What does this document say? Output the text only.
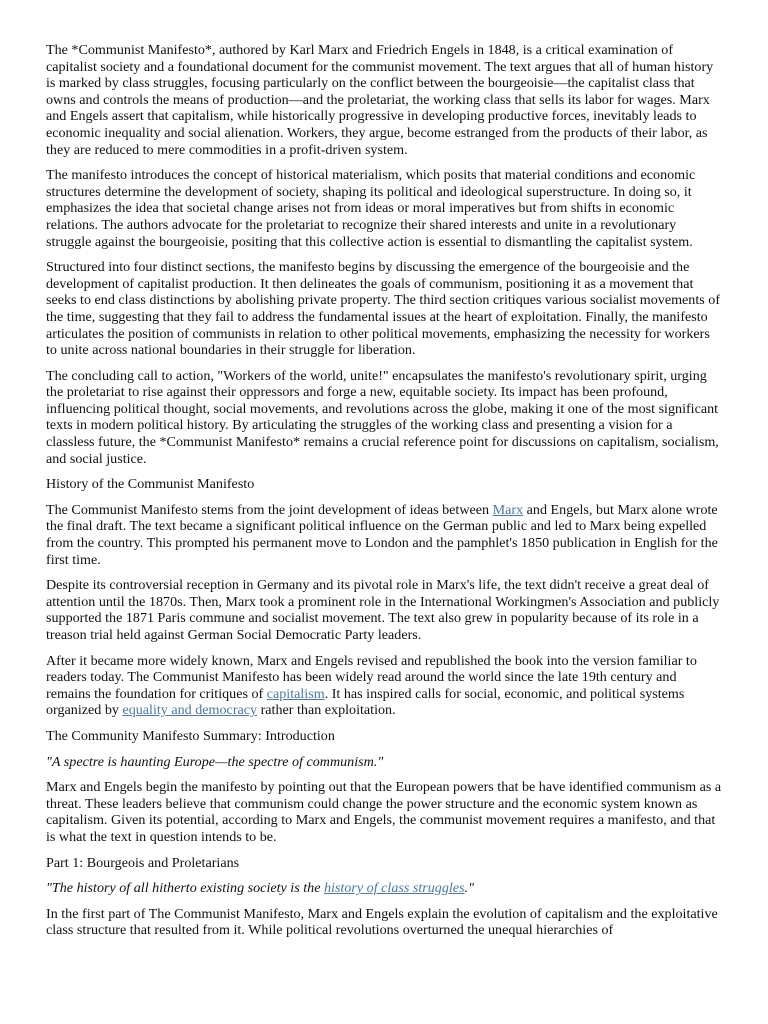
The *Communist Manifesto*, authored by Karl Marx and Friedrich Engels in 1848, is a critical examination of capitalist society and a foundational document for the communist movement. The text argues that all of human history is marked by class struggles, focusing particularly on the conflict between the bourgeoisie—the capitalist class that owns and controls the means of production—and the proletariat, the working class that sells its labor for wages. Marx and Engels assert that capitalism, while historically progressive in developing productive forces, inevitably leads to economic inequality and social alienation. Workers, they argue, become estranged from the products of their labor, as they are reduced to mere commodities in a profit-driven system.

The manifesto introduces the concept of historical materialism, which posits that material conditions and economic structures determine the development of society, shaping its political and ideological superstructure. In doing so, it emphasizes the idea that societal change arises not from ideas or moral imperatives but from shifts in economic relations. The authors advocate for the proletariat to recognize their shared interests and unite in a revolutionary struggle against the bourgeoisie, positing that this collective action is essential to dismantling the capitalist system.

Structured into four distinct sections, the manifesto begins by discussing the emergence of the bourgeoisie and the development of capitalist production. It then delineates the goals of communism, positioning it as a movement that seeks to end class distinctions by abolishing private property. The third section critiques various socialist movements of the time, suggesting that they fail to address the fundamental issues at the heart of exploitation. Finally, the manifesto articulates the position of communists in relation to other political movements, emphasizing the necessity for workers to unite across national boundaries in their struggle for liberation.

The concluding call to action, "Workers of the world, unite!" encapsulates the manifesto's revolutionary spirit, urging the proletariat to rise against their oppressors and forge a new, equitable society. Its impact has been profound, influencing political thought, social movements, and revolutions across the globe, making it one of the most significant texts in modern political history. By articulating the struggles of the working class and presenting a vision for a classless future, the *Communist Manifesto* remains a crucial reference point for discussions on capitalism, socialism, and social justice.

History of the Communist Manifesto

The Communist Manifesto stems from the joint development of ideas between Marx and Engels, but Marx alone wrote the final draft. The text became a significant political influence on the German public and led to Marx being expelled from the country. This prompted his permanent move to London and the pamphlet's 1850 publication in English for the first time.

Despite its controversial reception in Germany and its pivotal role in Marx's life, the text didn't receive a great deal of attention until the 1870s. Then, Marx took a prominent role in the International Workingmen's Association and publicly supported the 1871 Paris commune and socialist movement. The text also grew in popularity because of its role in a treason trial held against German Social Democratic Party leaders.

After it became more widely known, Marx and Engels revised and republished the book into the version familiar to readers today. The Communist Manifesto has been widely read around the world since the late 19th century and remains the foundation for critiques of capitalism. It has inspired calls for social, economic, and political systems organized by equality and democracy rather than exploitation.

The Community Manifesto Summary: Introduction

"A spectre is haunting Europe—the spectre of communism."

Marx and Engels begin the manifesto by pointing out that the European powers that be have identified communism as a threat. These leaders believe that communism could change the power structure and the economic system known as capitalism. Given its potential, according to Marx and Engels, the communist movement requires a manifesto, and that is what the text in question intends to be.

Part 1: Bourgeois and Proletarians

"The history of all hitherto existing society is the history of class struggles."

In the first part of The Communist Manifesto, Marx and Engels explain the evolution of capitalism and the exploitative class structure that resulted from it. While political revolutions overturned the unequal hierarchies of
